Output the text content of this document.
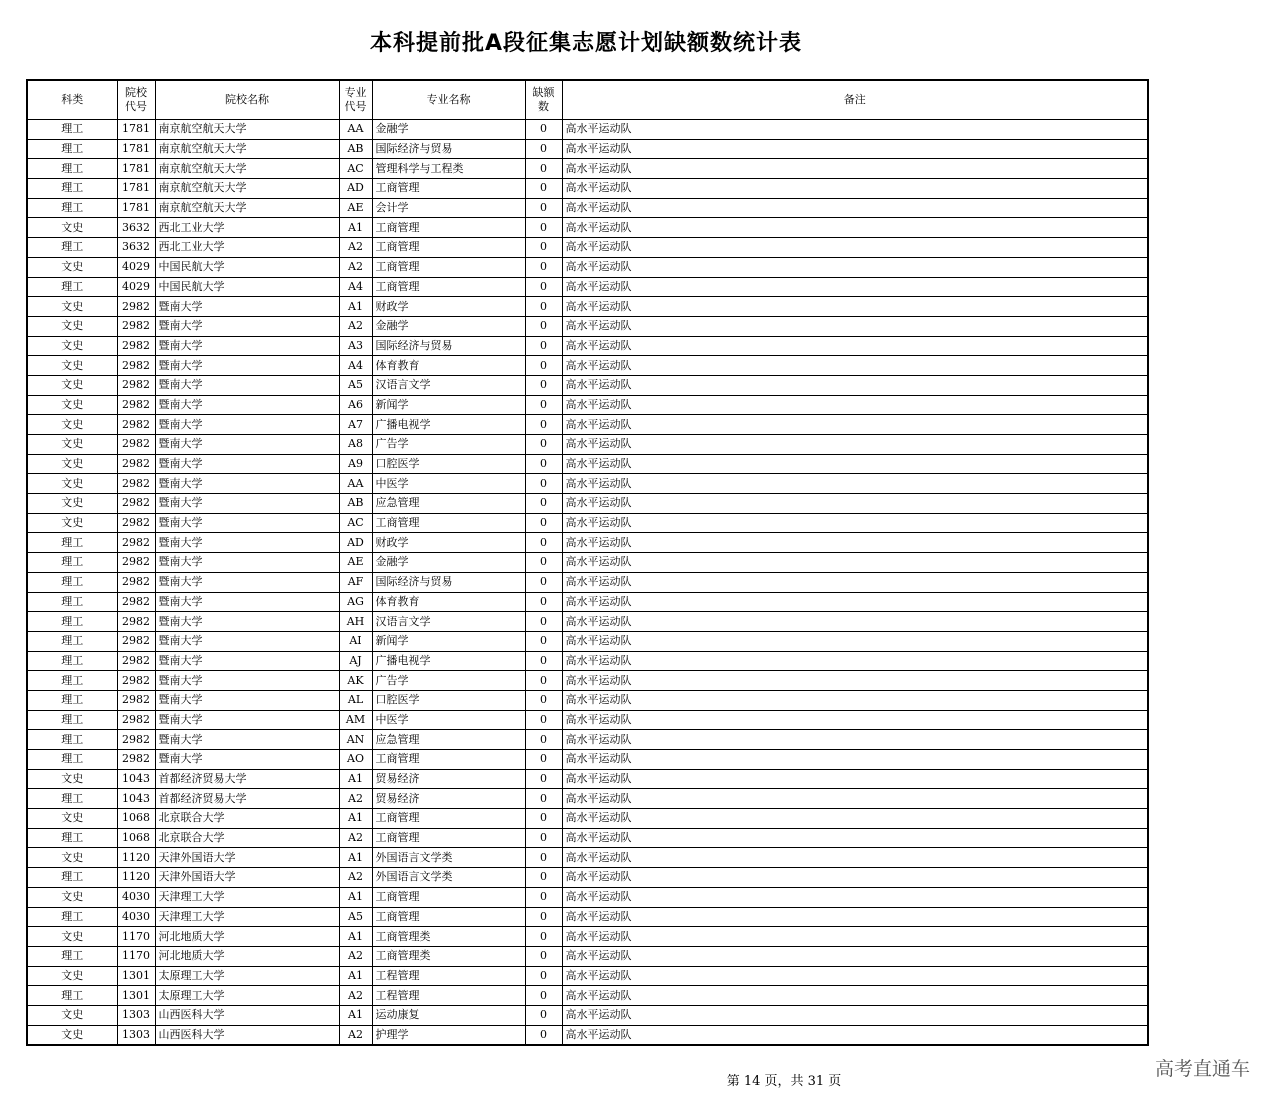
本科提前批A段征集志愿计划缺额数统计表
科类	院校代号	院校名称	专业代号	专业名称	缺额数	备注
理工	1781	南京航空航天大学	AA	金融学	0	高水平运动队
理工	1781	南京航空航天大学	AB	国际经济与贸易	0	高水平运动队
理工	1781	南京航空航天大学	AC	管理科学与工程类	0	高水平运动队
理工	1781	南京航空航天大学	AD	工商管理	0	高水平运动队
理工	1781	南京航空航天大学	AE	会计学	0	高水平运动队
文史	3632	西北工业大学	A1	工商管理	0	高水平运动队
理工	3632	西北工业大学	A2	工商管理	0	高水平运动队
文史	4029	中国民航大学	A2	工商管理	0	高水平运动队
理工	4029	中国民航大学	A4	工商管理	0	高水平运动队
文史	2982	暨南大学	A1	财政学	0	高水平运动队
文史	2982	暨南大学	A2	金融学	0	高水平运动队
文史	2982	暨南大学	A3	国际经济与贸易	0	高水平运动队
文史	2982	暨南大学	A4	体育教育	0	高水平运动队
文史	2982	暨南大学	A5	汉语言文学	0	高水平运动队
文史	2982	暨南大学	A6	新闻学	0	高水平运动队
文史	2982	暨南大学	A7	广播电视学	0	高水平运动队
文史	2982	暨南大学	A8	广告学	0	高水平运动队
文史	2982	暨南大学	A9	口腔医学	0	高水平运动队
文史	2982	暨南大学	AA	中医学	0	高水平运动队
文史	2982	暨南大学	AB	应急管理	0	高水平运动队
文史	2982	暨南大学	AC	工商管理	0	高水平运动队
理工	2982	暨南大学	AD	财政学	0	高水平运动队
理工	2982	暨南大学	AE	金融学	0	高水平运动队
理工	2982	暨南大学	AF	国际经济与贸易	0	高水平运动队
理工	2982	暨南大学	AG	体育教育	0	高水平运动队
理工	2982	暨南大学	AH	汉语言文学	0	高水平运动队
理工	2982	暨南大学	AI	新闻学	0	高水平运动队
理工	2982	暨南大学	AJ	广播电视学	0	高水平运动队
理工	2982	暨南大学	AK	广告学	0	高水平运动队
理工	2982	暨南大学	AL	口腔医学	0	高水平运动队
理工	2982	暨南大学	AM	中医学	0	高水平运动队
理工	2982	暨南大学	AN	应急管理	0	高水平运动队
理工	2982	暨南大学	AO	工商管理	0	高水平运动队
文史	1043	首都经济贸易大学	A1	贸易经济	0	高水平运动队
理工	1043	首都经济贸易大学	A2	贸易经济	0	高水平运动队
文史	1068	北京联合大学	A1	工商管理	0	高水平运动队
理工	1068	北京联合大学	A2	工商管理	0	高水平运动队
文史	1120	天津外国语大学	A1	外国语言文学类	0	高水平运动队
理工	1120	天津外国语大学	A2	外国语言文学类	0	高水平运动队
文史	4030	天津理工大学	A1	工商管理	0	高水平运动队
理工	4030	天津理工大学	A5	工商管理	0	高水平运动队
文史	1170	河北地质大学	A1	工商管理类	0	高水平运动队
理工	1170	河北地质大学	A2	工商管理类	0	高水平运动队
文史	1301	太原理工大学	A1	工程管理	0	高水平运动队
理工	1301	太原理工大学	A2	工程管理	0	高水平运动队
文史	1303	山西医科大学	A1	运动康复	0	高水平运动队
文史	1303	山西医科大学	A2	护理学	0	高水平运动队
第 14 页，共 31 页
高考直通车
